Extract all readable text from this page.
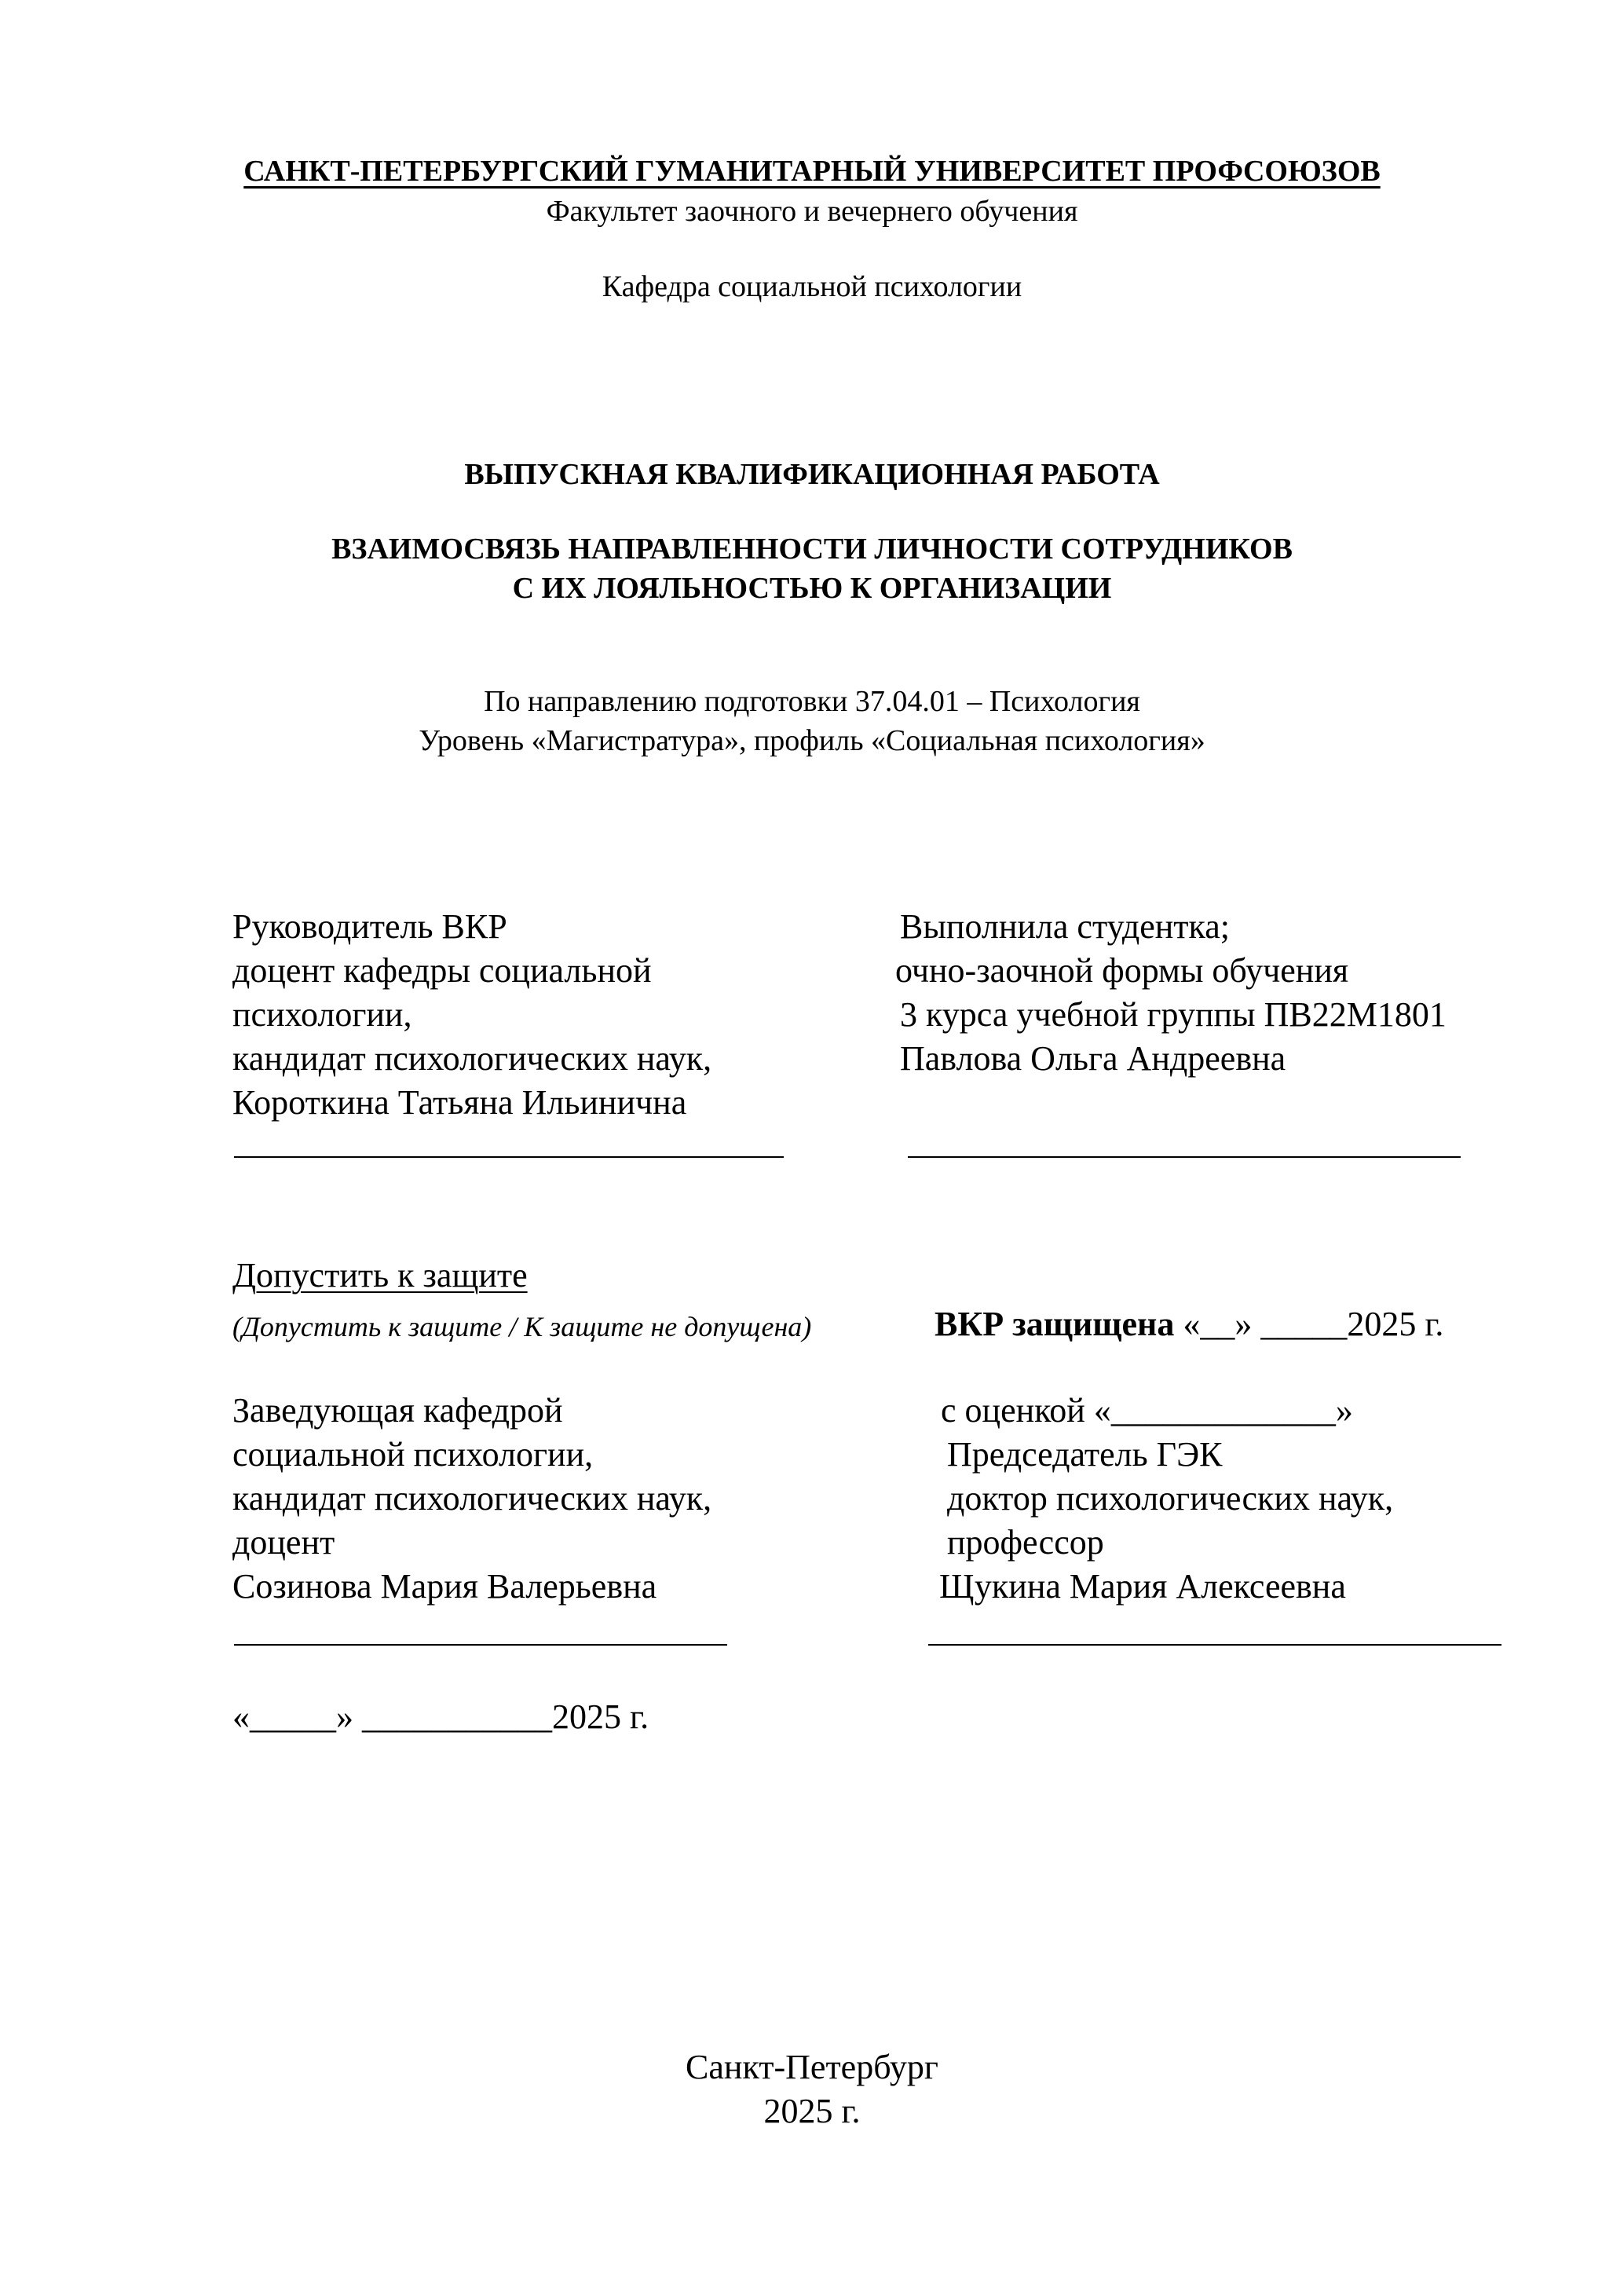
САНКТ-ПЕТЕРБУРГСКИЙ ГУМАНИТАРНЫЙ УНИВЕРСИТЕТ ПРОФСОЮЗОВ
Факультет заочного и вечернего обучения
Кафедра социальной психологии
ВЫПУСКНАЯ КВАЛИФИКАЦИОННАЯ РАБОТА
ВЗАИМОСВЯЗЬ НАПРАВЛЕННОСТИ ЛИЧНОСТИ СОТРУДНИКОВ
С ИХ ЛОЯЛЬНОСТЬЮ К ОРГАНИЗАЦИИ
По направлению подготовки 37.04.01 – Психология
Уровень «Магистратура», профиль «Социальная психология»
Руководитель ВКР
доцент кафедры социальной
психологии,
кандидат психологических наук,
Короткина Татьяна Ильинична
Выполнила студентка;
очно-заочной формы обучения
3 курса учебной группы ПВ22М1801
Павлова Ольга Андреевна
Допустить к защите
(Допустить к защите / К защите не допущена)	ВКР защищена «__» _____2025 г.
Заведующая кафедрой
социальной психологии,
кандидат психологических наук,
доцент
Созинова Мария Валерьевна
с оценкой «_____________»
Председатель ГЭК
доктор психологических наук,
профессор
Щукина Мария Алексеевна
«_____» ___________2025 г.
Санкт-Петербург
2025 г.
